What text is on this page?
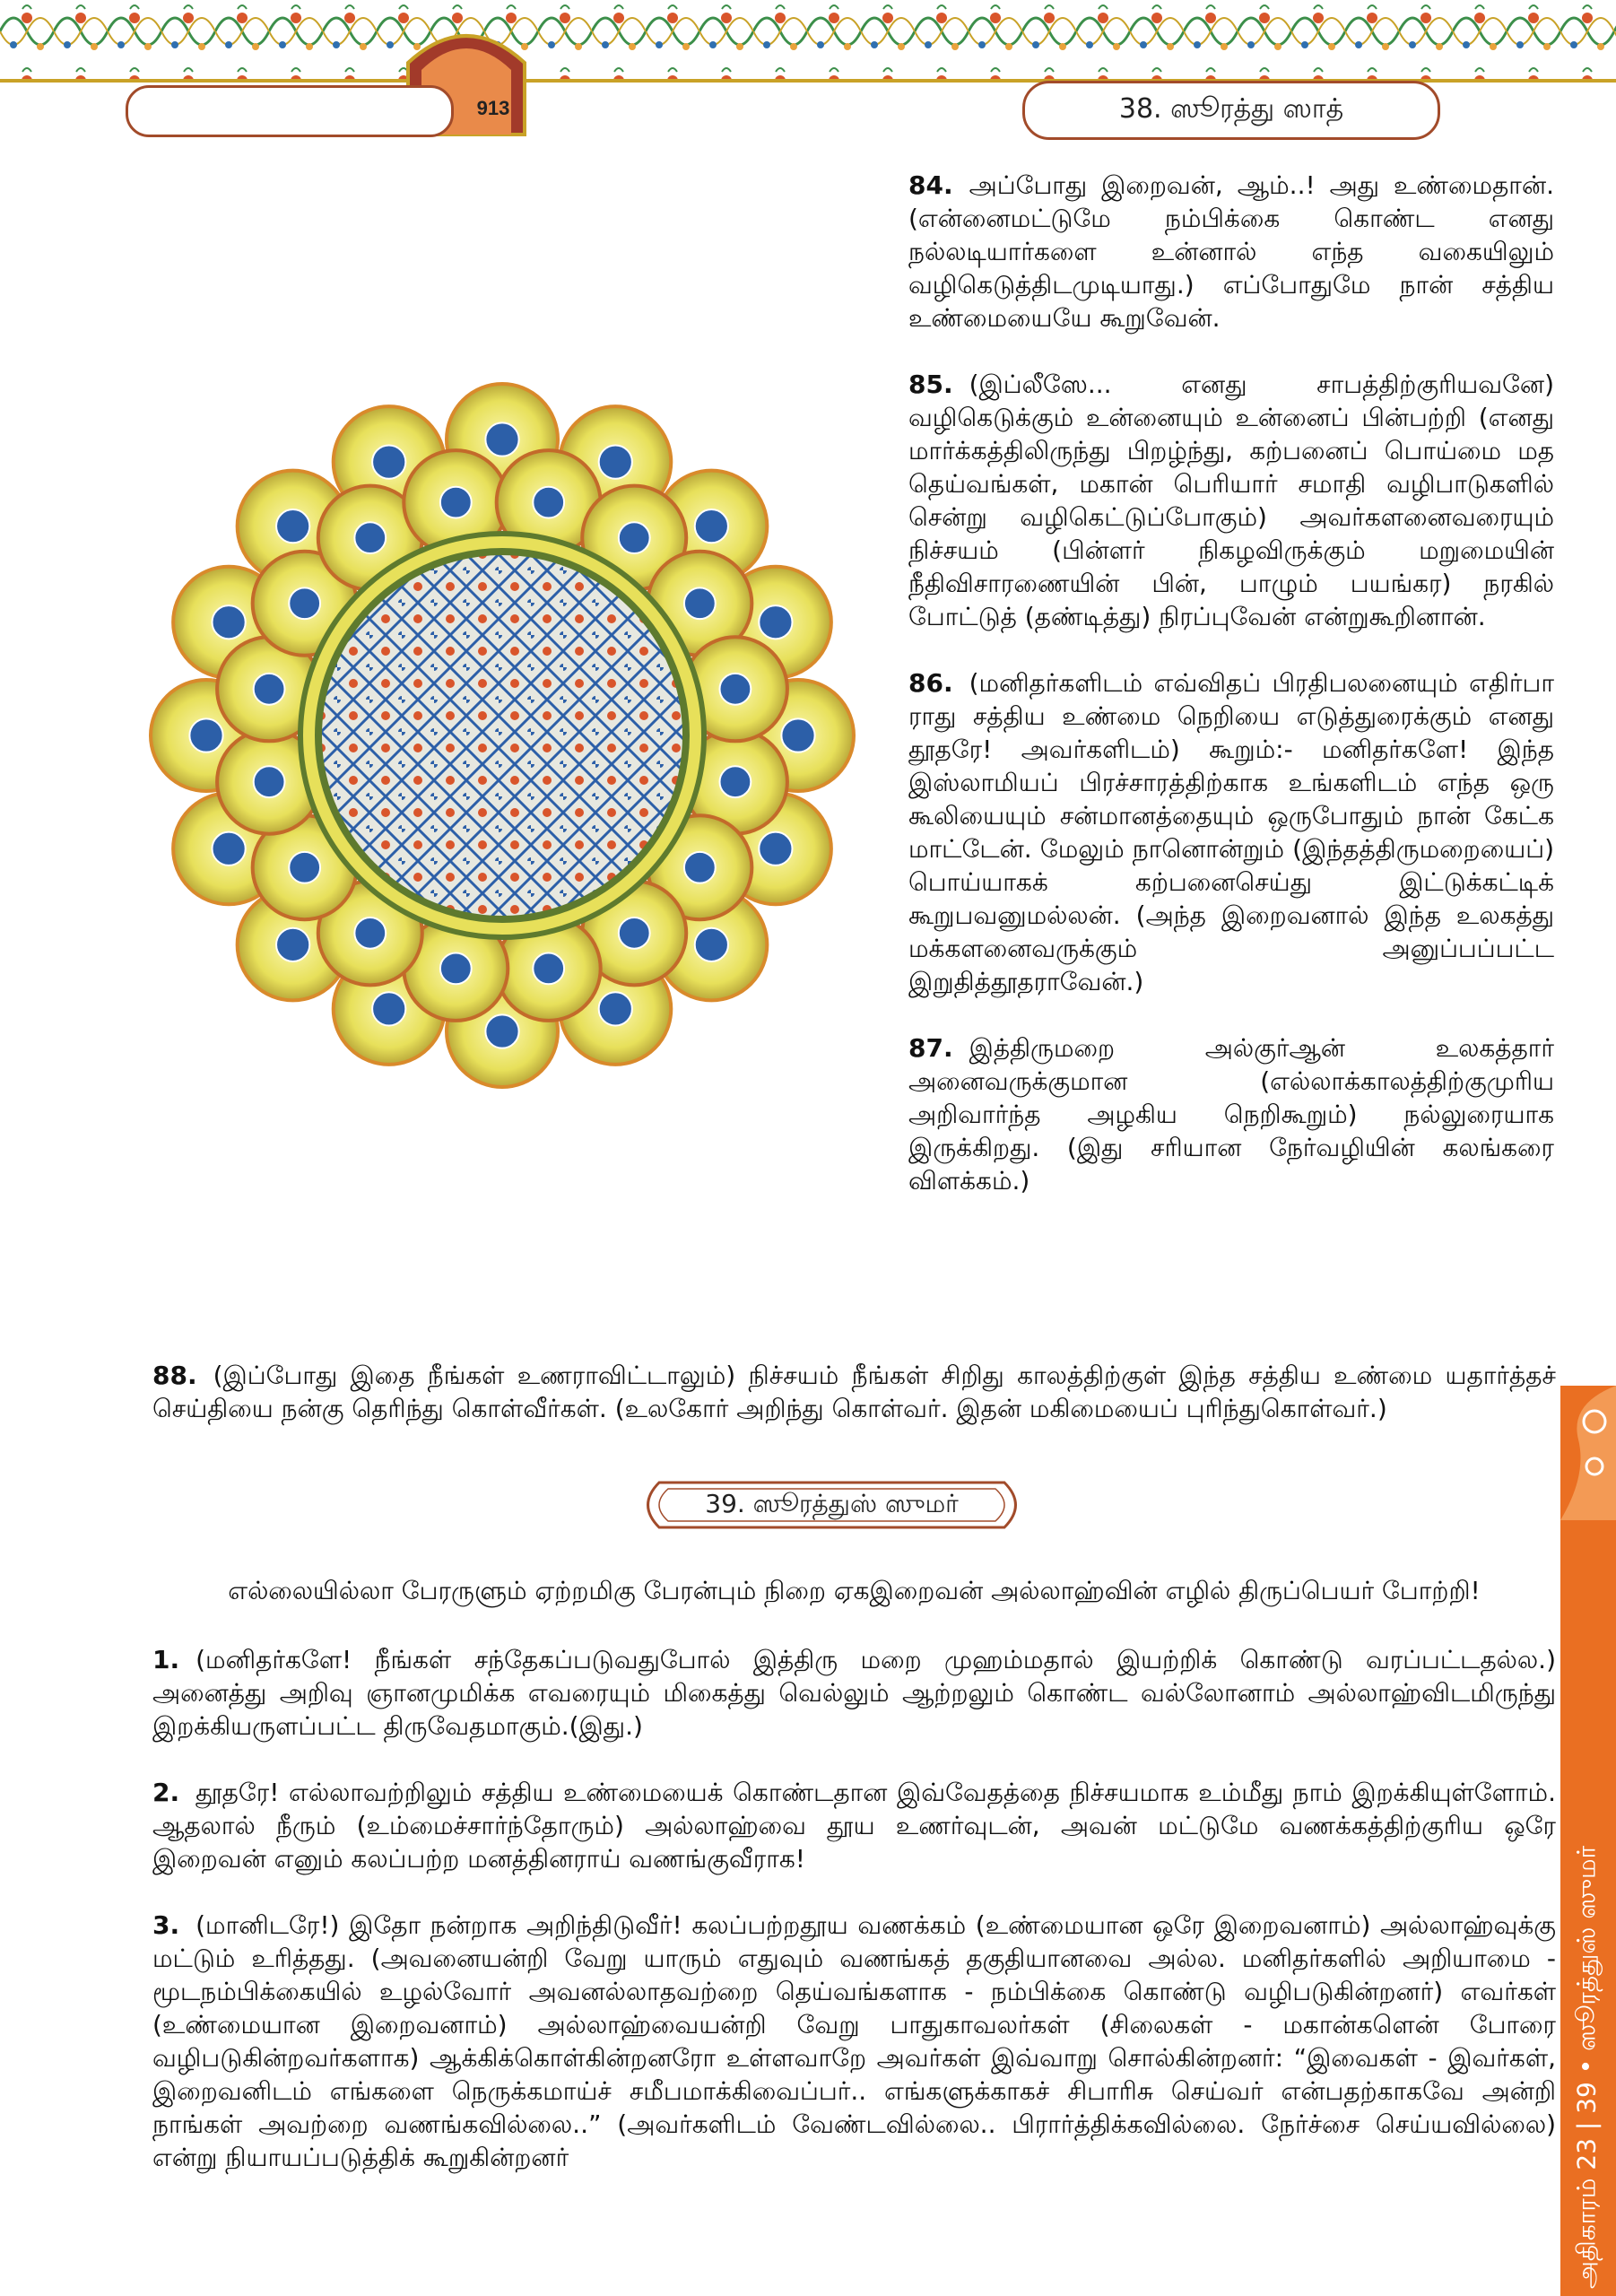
913	38. ஸூரத்து ஸாத்

84. அப்போது இறைவன், ஆம்..! அது உண்மைதான். (என்னைமட்டுமே நம்பிக்கை கொண்ட எனது நல்லடியார்களை உன்னால் எந்த வகையிலும் வழிகெடுத்திடமுடியாது.) எப்போதுமே நான் சத்திய உண்மையையே கூறுவேன்.

85. (இப்லீஸே... எனது சாபத்திற்குரியவனே) வழிகெடுக்கும் உன்னையும் உன்னைப் பின்பற்றி (எனது மார்க்கத்திலிருந்து பிறழ்ந்து, கற்பனைப் பொய்மை மத தெய்வங்கள், மகான் பெரியார் சமாதி வழிபாடுகளில் சென்று வழிகெட்டுப்போகும்) அவர்களனைவரையும் நிச்சயம் (பின்ளர் நிகழவிருக்கும் மறுமையின் நீதிவிசாரணையின் பின், பாழும் பயங்கர) நரகில் போட்டுத் (தண்டித்து) நிரப்புவேன் என்றுகூறினான்.

86. (மனிதர்களிடம் எவ்விதப் பிரதிபலனையும் எதிர்பா ராது சத்திய உண்மை நெறியை எடுத்துரைக்கும் எனது தூதரே! அவர்களிடம்) கூறும்:- மனிதர்களே! இந்த இஸ்லாமியப் பிரச்சாரத்திற்காக உங்களிடம் எந்த ஒரு கூலியையும் சன்மானத்தையும் ஒருபோதும் நான் கேட்க மாட்டேன். மேலும் நானொன்றும் (இந்தத்திருமறையைப்) பொய்யாகக் கற்பனைசெய்து இட்டுக்கட்டிக் கூறுபவனுமல்லன். (அந்த இறைவனால் இந்த உலகத்து மக்களனைவருக்கும் அனுப்பப்பட்ட இறுதித்தூதராவேன்.)

87. இத்திருமறை அல்குர்ஆன் உலகத்தார் அனைவருக்குமான (எல்லாக்காலத்திற்குமுரிய அறிவார்ந்த அழகிய நெறிகூறும்) நல்லுரையாக இருக்கிறது. (இது சரியான நேர்வழியின் கலங்கரை விளக்கம்.)

88. (இப்போது இதை நீங்கள் உணராவிட்டாலும்) நிச்சயம் நீங்கள் சிறிது காலத்திற்குள் இந்த சத்திய உண்மை யதார்த்தச் செய்தியை நன்கு தெரிந்து கொள்வீர்கள். (உலகோர் அறிந்து கொள்வர். இதன் மகிமையைப் புரிந்துகொள்வர்.)

39. ஸூரத்துஸ் ஸுமர்
எல்லையில்லா பேரருளும் ஏற்றமிகு பேரன்பும் நிறை ஏகஇறைவன் அல்லாஹ்வின் எழில் திருப்பெயர் போற்றி!

1. (மனிதர்களே! நீங்கள் சந்தேகப்படுவதுபோல் இத்திரு மறை முஹம்மதால் இயற்றிக் கொண்டு வரப்பட்டதல்ல.) அனைத்து அறிவு ஞானமுமிக்க எவரையும் மிகைத்து வெல்லும் ஆற்றலும் கொண்ட வல்லோனாம் அல்லாஹ்விடமிருந்து இறக்கியருளப்பட்ட திருவேதமாகும்.(இது.)

2. தூதரே! எல்லாவற்றிலும் சத்திய உண்மையைக் கொண்டதான இவ்வேதத்தை நிச்சயமாக உம்மீது நாம் இறக்கியுள்ளோம். ஆதலால் நீரும் (உம்மைச்சார்ந்தோரும்) அல்லாஹ்வை தூய உணர்வுடன், அவன் மட்டுமே வணக்கத்திற்குரிய ஒரே இறைவன் எனும் கலப்பற்ற மனத்தினராய் வணங்குவீராக!

3. (மானிடரே!) இதோ நன்றாக அறிந்திடுவீர்! கலப்பற்றதூய வணக்கம் (உண்மையான ஒரே இறைவனாம்) அல்லாஹ்வுக்கு மட்டும் உரித்தது. (அவனையன்றி வேறு யாரும் எதுவும் வணங்கத் தகுதியானவை அல்ல. மனிதர்களில் அறியாமை - மூடநம்பிக்கையில் உழல்வோர் அவனல்லாதவற்றை தெய்வங்களாக - நம்பிக்கை கொண்டு வழிபடுகின்றனர்) எவர்கள் (உண்மையான இறைவனாம்) அல்லாஹ்வையன்றி வேறு பாதுகாவலர்கள் (சிலைகள் - மகான்களென் போரை வழிபடுகின்றவர்களாக) ஆக்கிக்கொள்கின்றனரோ உள்ளவாறே அவர்கள் இவ்வாறு சொல்கின்றனர்: “இவைகள் - இவர்கள், இறைவனிடம் எங்களை நெருக்கமாய்ச் சமீபமாக்கிவைப்பர்.. எங்களுக்காகச் சிபாரிசு செய்வர் என்பதற்காகவே அன்றி நாங்கள் அவற்றை வணங்கவில்லை..” (அவர்களிடம் வேண்டவில்லை.. பிரார்த்திக்கவில்லை. நேர்ச்சை செய்யவில்லை) என்று நியாயப்படுத்திக் கூறுகின்றனர்	அதிகாரம் 23 | 39 • ஸூரத்துஸ் ஸுமர்
